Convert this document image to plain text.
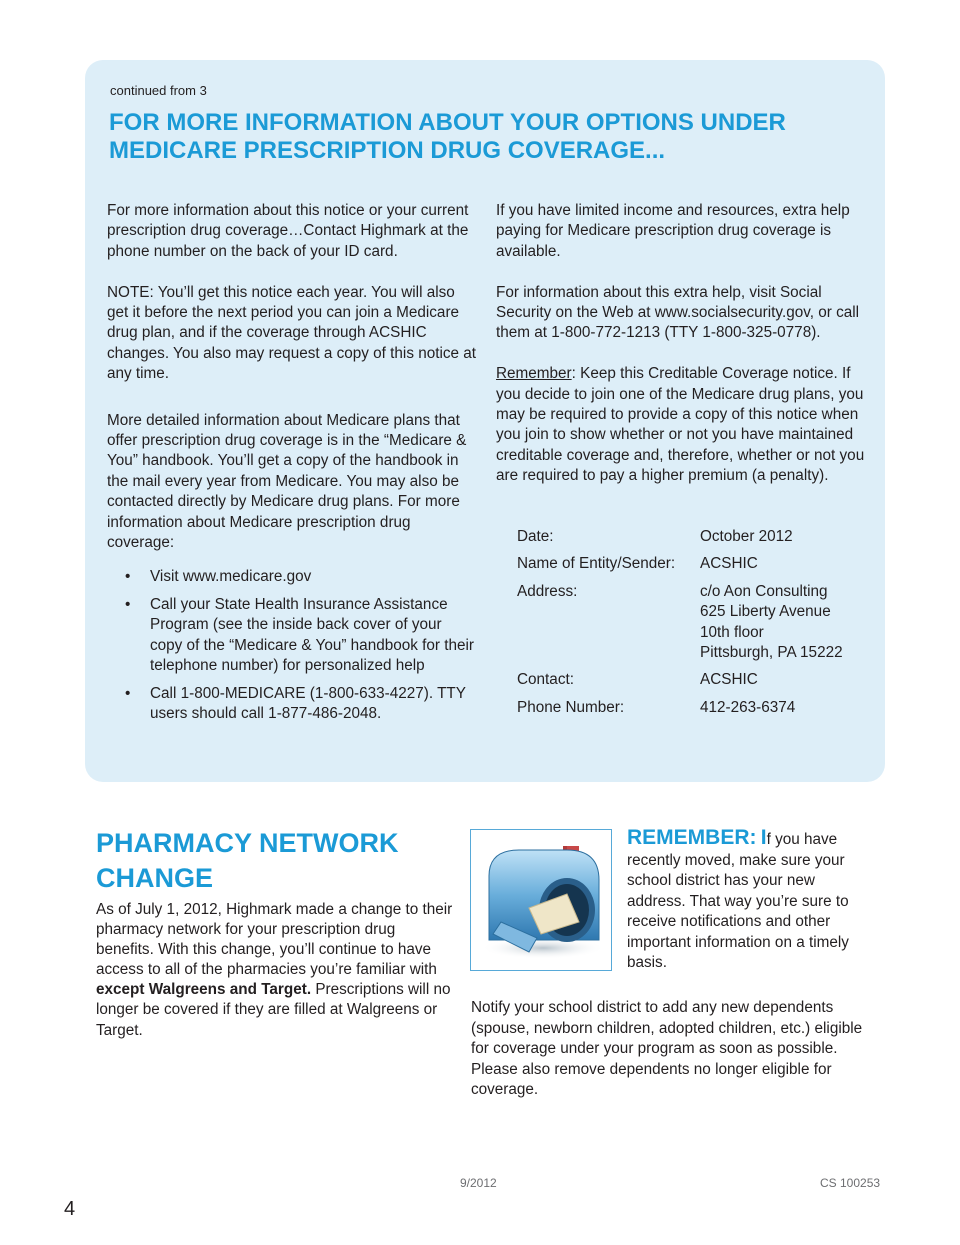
continued from 3
FOR MORE INFORMATION ABOUT YOUR OPTIONS UNDER
MEDICARE PRESCRIPTION DRUG COVERAGE...

For more information about this notice or your current prescription drug coverage…Contact Highmark at the phone number on the back of your ID card.

NOTE: You’ll get this notice each year. You will also get it before the next period you can join a Medicare drug plan, and if the coverage through ACSHIC changes. You also may request a copy of this notice at any time.

More detailed information about Medicare plans that offer prescription drug coverage is in the “Medicare & You” handbook. You’ll get a copy of the handbook in the mail every year from Medicare. You may also be contacted directly by Medicare drug plans. For more information about Medicare prescription drug coverage:

• Visit www.medicare.gov
• Call your State Health Insurance Assistance Program (see the inside back cover of your copy of the “Medicare & You” handbook for their telephone number) for personalized help
• Call 1-800-MEDICARE (1-800-633-4227). TTY users should call 1-877-486-2048.

If you have limited income and resources, extra help paying for Medicare prescription drug coverage is available.

For information about this extra help, visit Social Security on the Web at www.socialsecurity.gov, or call them at 1-800-772-1213 (TTY 1-800-325-0778).

Remember: Keep this Creditable Coverage notice. If you decide to join one of the Medicare drug plans, you may be required to provide a copy of this notice when you join to show whether or not you have maintained creditable coverage and, therefore, whether or not you are required to pay a higher premium (a penalty).

Date:	October 2012
Name of Entity/Sender:	ACSHIC
Address:	c/o Aon Consulting
625 Liberty Avenue
10th floor
Pittsburgh, PA 15222

Contact:	ACSHIC
Phone Number:	412-263-6374
PHARMACY NETWORK
CHANGE

As of July 1, 2012, Highmark made a change to their pharmacy network for your prescription drug benefits. With this change, you’ll continue to have access to all of the pharmacies you’re familiar with except Walgreens and Target. Prescriptions will no longer be covered if they are filled at Walgreens or Target.

REMEMBER: If you have recently moved, make sure your school district has your new address. That way you’re sure to receive notifications and other important information on a timely basis.

Notify your school district to add any new dependents (spouse, newborn children, adopted children, etc.) eligible for coverage under your program as soon as possible. Please also remove dependents no longer eligible for coverage.

9/2012	CS 100253
4
